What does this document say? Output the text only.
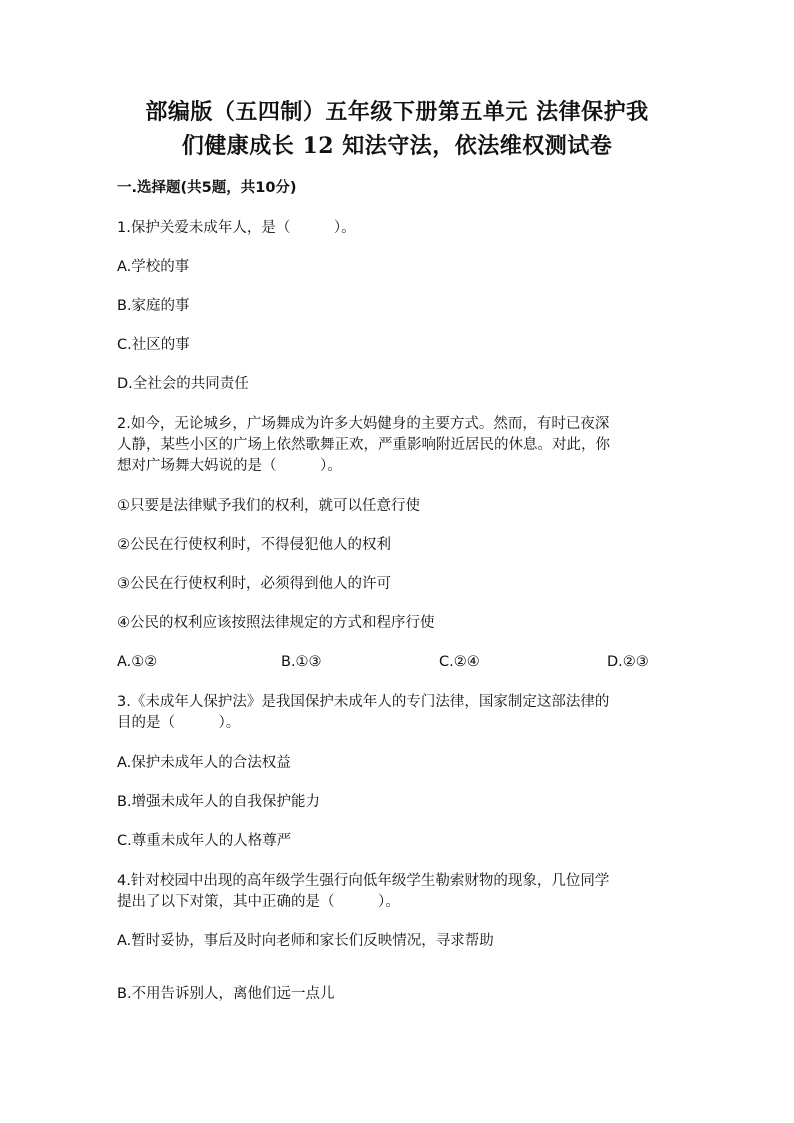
部编版（五四制）五年级下册第五单元 法律保护我
们健康成长 12 知法守法，依法维权测试卷
一.选择题(共5题，共10分)
1.保护关爱未成年人，是（　　　）。
A.学校的事
B.家庭的事
C.社区的事
D.全社会的共同责任
2.如今，无论城乡，广场舞成为许多大妈健身的主要方式。然而，有时已夜深
人静，某些小区的广场上依然歌舞正欢，严重影响附近居民的休息。对此，你
想对广场舞大妈说的是（　　　）。
①只要是法律赋予我们的权利，就可以任意行使
②公民在行使权利时，不得侵犯他人的权利
③公民在行使权利时，必须得到他人的许可
④公民的权利应该按照法律规定的方式和程序行使
A.①②	B.①③	C.②④	D.②③
3.《未成年人保护法》是我国保护未成年人的专门法律，国家制定这部法律的
目的是（　　　）。
A.保护未成年人的合法权益
B.增强未成年人的自我保护能力
C.尊重未成年人的人格尊严
4.针对校园中出现的高年级学生强行向低年级学生勒索财物的现象，几位同学
提出了以下对策，其中正确的是（　　　）。
A.暂时妥协，事后及时向老师和家长们反映情况，寻求帮助
B.不用告诉别人，离他们远一点儿
